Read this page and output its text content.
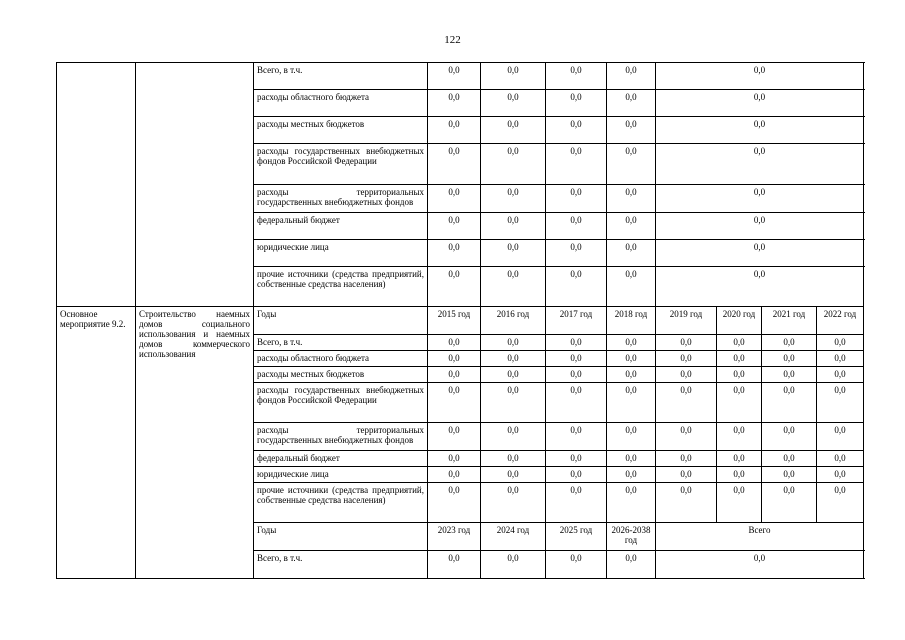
122
		Всего, в т.ч.	0,0	0,0	0,0	0,0	0,0			
		расходы областного бюджета	0,0	0,0	0,0	0,0	0,0			
		расходы местных бюджетов	0,0	0,0	0,0	0,0	0,0			
		расходы государственных внебюджетных фондов Российской Федерации	0,0	0,0	0,0	0,0	0,0			
		расходы территориальных государственных внебюджетных фондов	0,0	0,0	0,0	0,0	0,0			
		федеральный бюджет	0,0	0,0	0,0	0,0	0,0			
		юридические лица	0,0	0,0	0,0	0,0	0,0			
		прочие источники (средства предприятий, собственные средства населения)	0,0	0,0	0,0	0,0	0,0			
Основное мероприятие 9.2.	Строительство наемных домов социального использования и наемных домов коммерческого использования	Годы	2015 год	2016 год	2017 год	2018 год	2019 год	2020 год	2021 год	2022 год
		Всего, в т.ч.	0,0	0,0	0,0	0,0	0,0	0,0	0,0	0,0
		расходы областного бюджета	0,0	0,0	0,0	0,0	0,0	0,0	0,0	0,0
		расходы местных бюджетов	0,0	0,0	0,0	0,0	0,0	0,0	0,0	0,0
		расходы государственных внебюджетных фондов Российской Федерации	0,0	0,0	0,0	0,0	0,0	0,0	0,0	0,0
		расходы территориальных государственных внебюджетных фондов	0,0	0,0	0,0	0,0	0,0	0,0	0,0	0,0
		федеральный бюджет	0,0	0,0	0,0	0,0	0,0	0,0	0,0	0,0
		юридические лица	0,0	0,0	0,0	0,0	0,0	0,0	0,0	0,0
		прочие источники (средства предприятий, собственные средства населения)	0,0	0,0	0,0	0,0	0,0	0,0	0,0	0,0
		Годы	2023 год	2024 год	2025 год	2026-2038 год	Всего			
		Всего, в т.ч.	0,0	0,0	0,0	0,0	0,0			
